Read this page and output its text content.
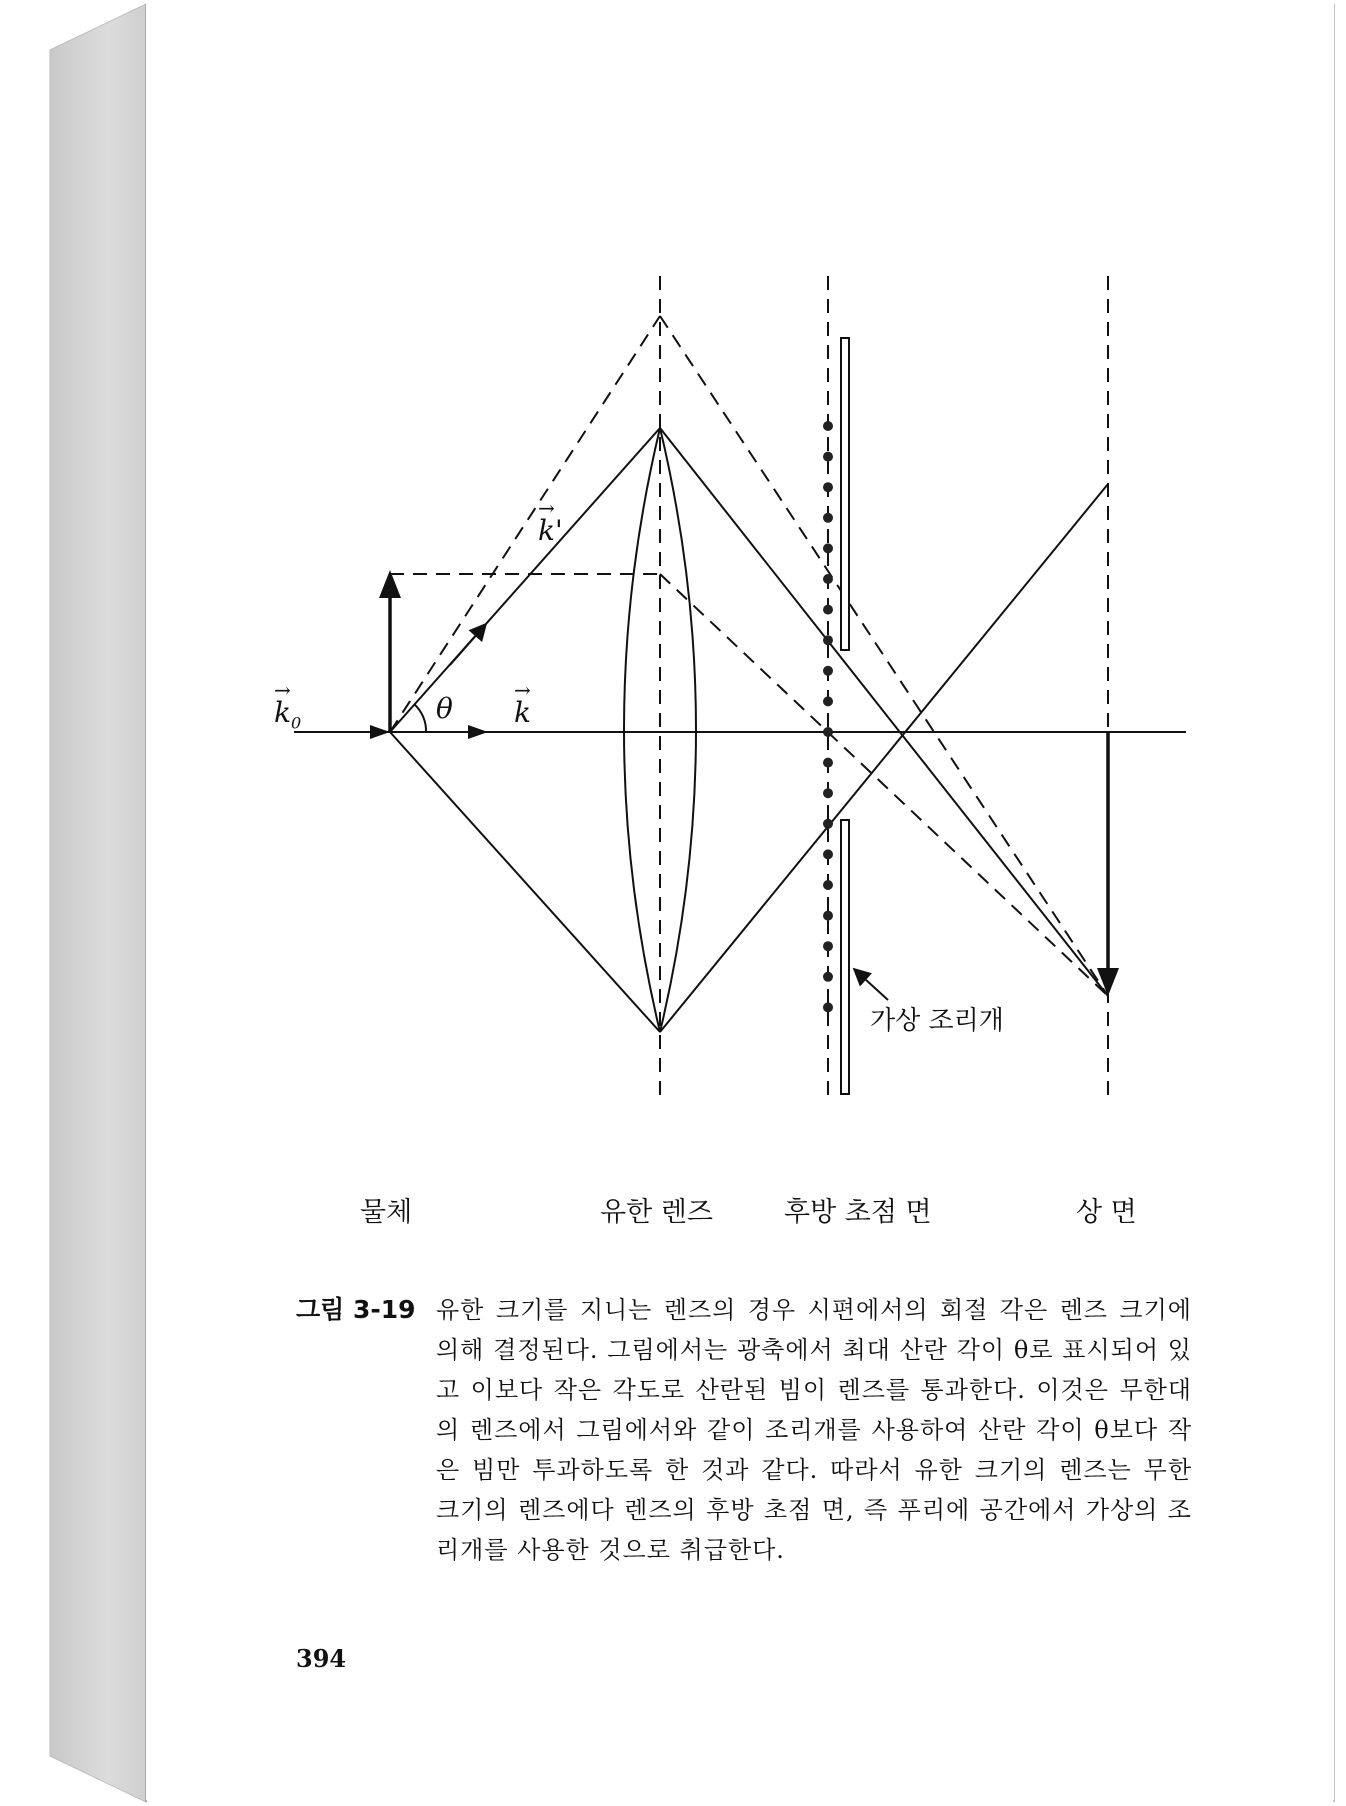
→
$k_0$	θ
→
k
→
k'
가상 조리개
물체	유한 렌즈	후방 초점 면	상 면
그림 3-19 유한 크기를 지니는 렌즈의 경우 시편에서의 회절 각은 렌즈 크기에 의해 결정된다. 그림에서는 광축에서 최대 산란 각이 θ로 표시되어 있고 이보다 작은 각도로 산란된 빔이 렌즈를 통과한다. 이것은 무한대의 렌즈에서 그림에서와 같이 조리개를 사용하여 산란 각이 θ보다 작은 빔만 투과하도록 한 것과 같다. 따라서 유한 크기의 렌즈는 무한 크기의 렌즈에다 렌즈의 후방 초점 면, 즉 푸리에 공간에서 가상의 조리개를 사용한 것으로 취급한다.
394
